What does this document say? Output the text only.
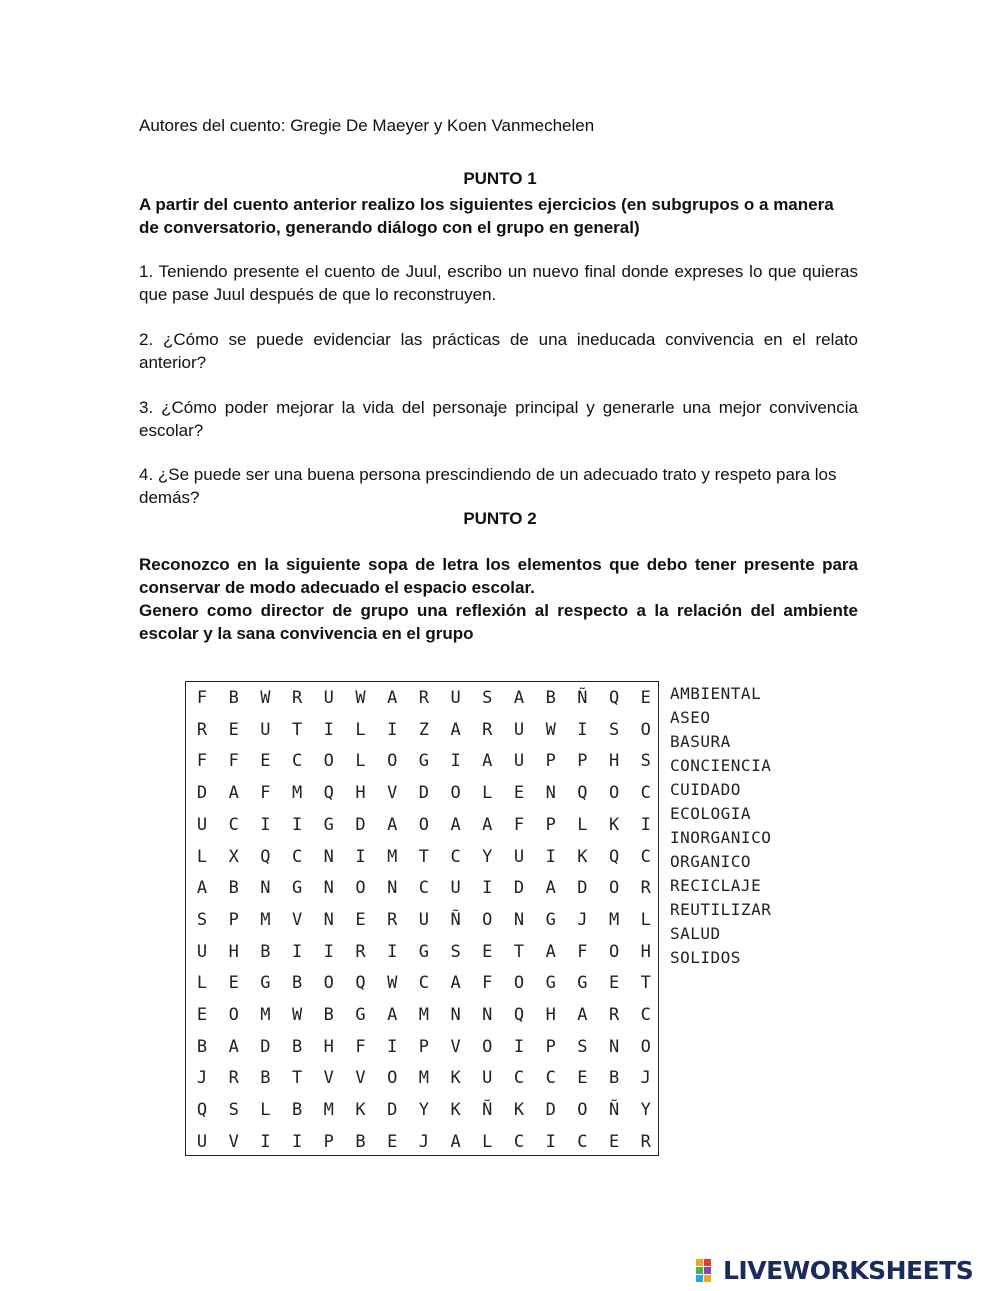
Autores del cuento: Gregie De Maeyer y Koen Vanmechelen
PUNTO 1
A partir del cuento anterior realizo los siguientes ejercicios (en subgrupos o a manera de conversatorio, generando diálogo con el grupo en general)
1. Teniendo presente el cuento de Juul, escribo un nuevo final donde expreses lo que quieras que pase Juul después de que lo reconstruyen.
2. ¿Cómo se puede evidenciar las prácticas de una ineducada convivencia en el relato anterior?
3. ¿Cómo poder mejorar la vida del personaje principal y generarle una mejor convivencia escolar?
4. ¿Se puede ser una buena persona prescindiendo de un adecuado trato y respeto para los demás?
PUNTO 2

Reconozco en la siguiente sopa de letra los elementos que debo tener presente para conservar de modo adecuado el espacio escolar.

Genero como director de grupo una reflexión al respecto a la relación del ambiente escolar y la sana convivencia en el grupo

F	B	W	R	U	W	A	R	U	S	A	B	Ñ	Q	E
R	E	U	T	I	L	I	Z	A	R	U	W	I	S	O
F	F	E	C	O	L	O	G	I	A	U	P	P	H	S
D	A	F	M	Q	H	V	D	O	L	E	N	Q	O	C
U	C	I	I	G	D	A	O	A	A	F	P	L	K	I
L	X	Q	C	N	I	M	T	C	Y	U	I	K	Q	C
A	B	N	G	N	O	N	C	U	I	D	A	D	O	R
S	P	M	V	N	E	R	U	Ñ	O	N	G	J	M	L
U	H	B	I	I	R	I	G	S	E	T	A	F	O	H
L	E	G	B	O	Q	W	C	A	F	O	G	G	E	T
E	O	M	W	B	G	A	M	N	N	Q	H	A	R	C
B	A	D	B	H	F	I	P	V	O	I	P	S	N	O
J	R	B	T	V	V	O	M	K	U	C	C	E	B	J
Q	S	L	B	M	K	D	Y	K	Ñ	K	D	O	Ñ	Y
U	V	I	I	P	B	E	J	A	L	C	I	C	E	R
AMBIENTAL
ASEO
BASURA
CONCIENCIA
CUIDADO
ECOLOGIA
INORGANICO
ORGANICO
RECICLAJE
REUTILIZAR
SALUD
SOLIDOS
LIVEWORKSHEETS
